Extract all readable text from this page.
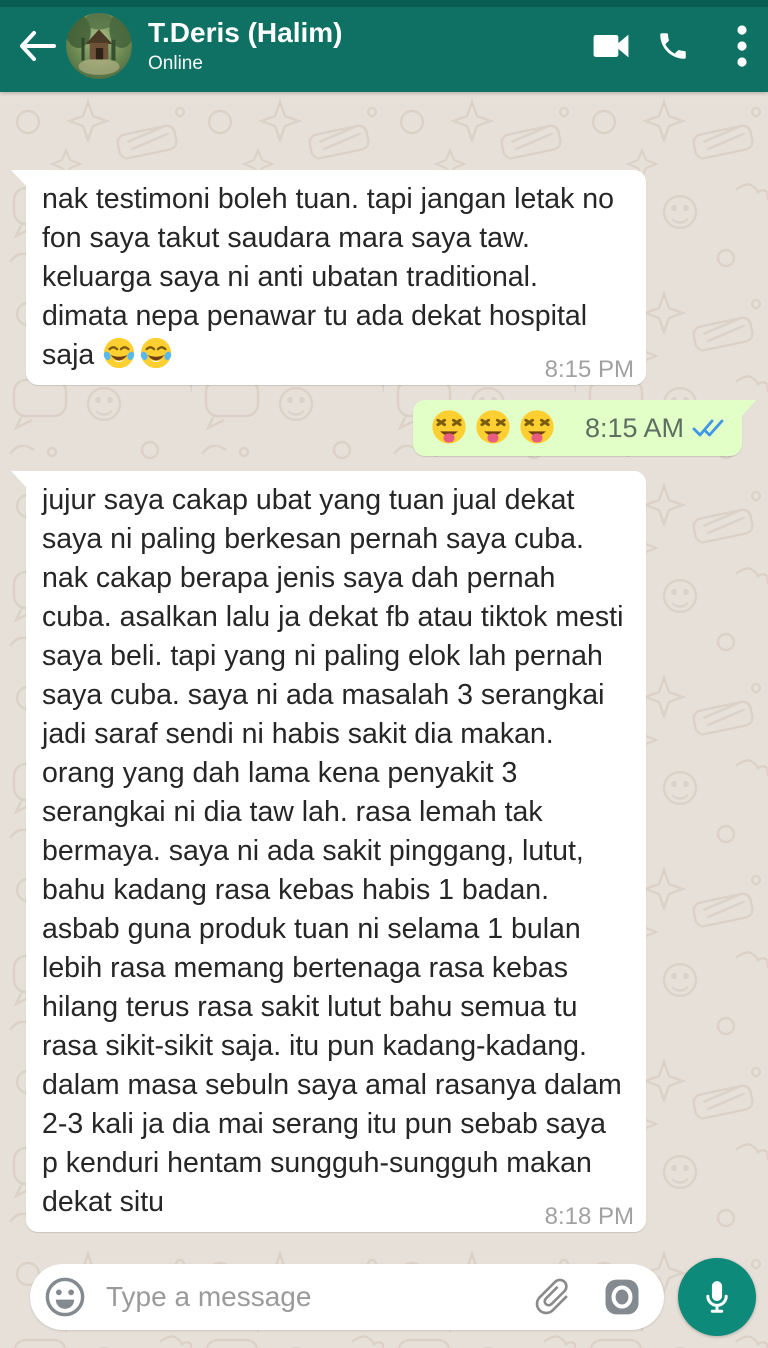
T.Deris (Halim)
Online
nak testimoni boleh tuan. tapi jangan letak no fon saya takut saudara mara saya taw. keluarga saya ni anti ubatan traditional. dimata nepa penawar tu ada dekat hospital saja	8:15 PM
8:15 AM
jujur saya cakap ubat yang tuan jual dekat saya ni paling berkesan pernah saya cuba. nak cakap berapa jenis saya dah pernah cuba. asalkan lalu ja dekat fb atau tiktok mesti saya beli. tapi yang ni paling elok lah pernah saya cuba. saya ni ada masalah 3 serangkai jadi saraf sendi ni habis sakit dia makan. orang yang dah lama kena penyakit 3 serangkai ni dia taw lah. rasa lemah tak bermaya. saya ni ada sakit pinggang, lutut, bahu kadang rasa kebas habis 1 badan. asbab guna produk tuan ni selama 1 bulan lebih rasa memang bertenaga rasa kebas hilang terus rasa sakit lutut bahu semua tu rasa sikit-sikit saja. itu pun kadang-kadang. dalam masa sebuln saya amal rasanya dalam 2-3 kali ja dia mai serang itu pun sebab saya p kenduri hentam sungguh-sungguh makan dekat situ	8:18 PM
Type a message
